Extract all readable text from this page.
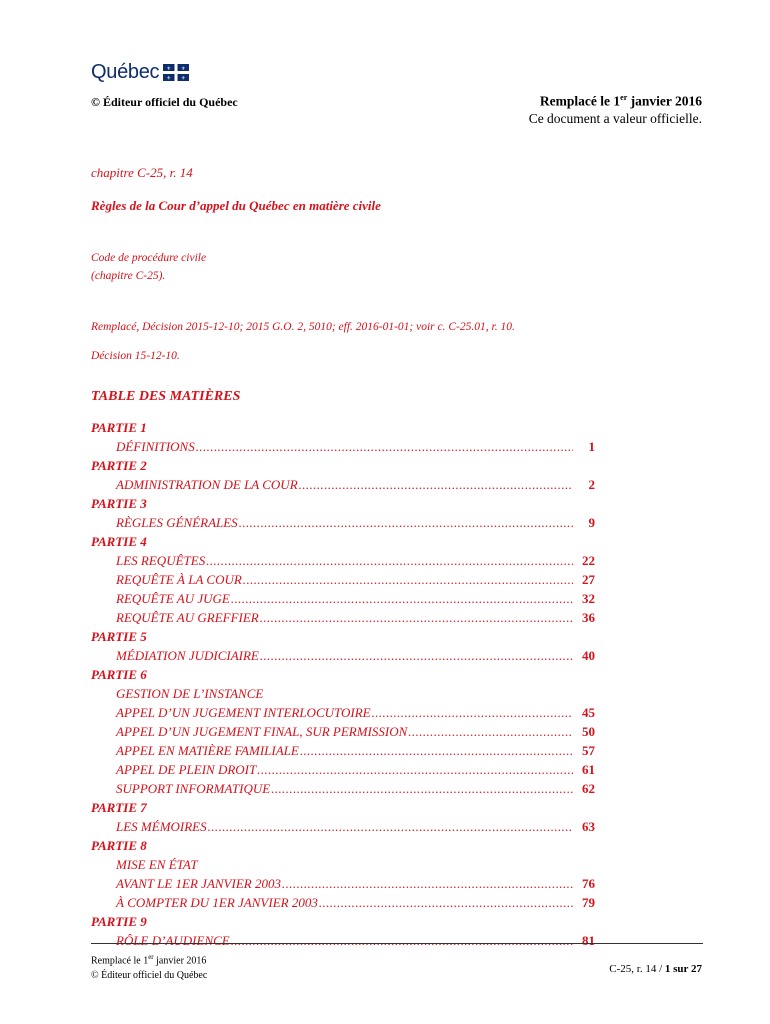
Québec ⚜ ⚜
⚜ ⚜
© Éditeur officiel du Québec	Remplacé le 1er janvier 2016
Ce document a valeur officielle.
chapitre C-25, r. 14
Règles de la Cour d’appel du Québec en matière civile
Code de procédure civile
(chapitre C-25).
Remplacé, Décision 2015-12-10; 2015 G.O. 2, 5010; eff. 2016-01-01; voir c. C-25.01, r. 10.
Décision 15-12-10.
TABLE DES MATIÈRES
PARTIE 1
DÉFINITIONS .....	1
PARTIE 2
ADMINISTRATION DE LA COUR .....	2
PARTIE 3
RÈGLES GÉNÉRALES .....	9
PARTIE 4
LES REQUÊTES .....	22
REQUÊTE À LA COUR .....	27
REQUÊTE AU JUGE .....	32
REQUÊTE AU GREFFIER .....	36
PARTIE 5
MÉDIATION JUDICIAIRE .....	40
PARTIE 6
GESTION DE L’INSTANCE
APPEL D’UN JUGEMENT INTERLOCUTOIRE .....	45
APPEL D’UN JUGEMENT FINAL, SUR PERMISSION .....	50
APPEL EN MATIÈRE FAMILIALE .....	57
APPEL DE PLEIN DROIT .....	61
SUPPORT INFORMATIQUE .....	62
PARTIE 7
LES MÉMOIRES .....	63
PARTIE 8
MISE EN ÉTAT
AVANT LE 1ER JANVIER 2003 .....	76
À COMPTER DU 1ER JANVIER 2003 .....	79
PARTIE 9
RÔLE D’AUDIENCE .....	81
Remplacé le 1er janvier 2016
© Éditeur officiel du Québec
C-25, r. 14 / 1 sur 27
